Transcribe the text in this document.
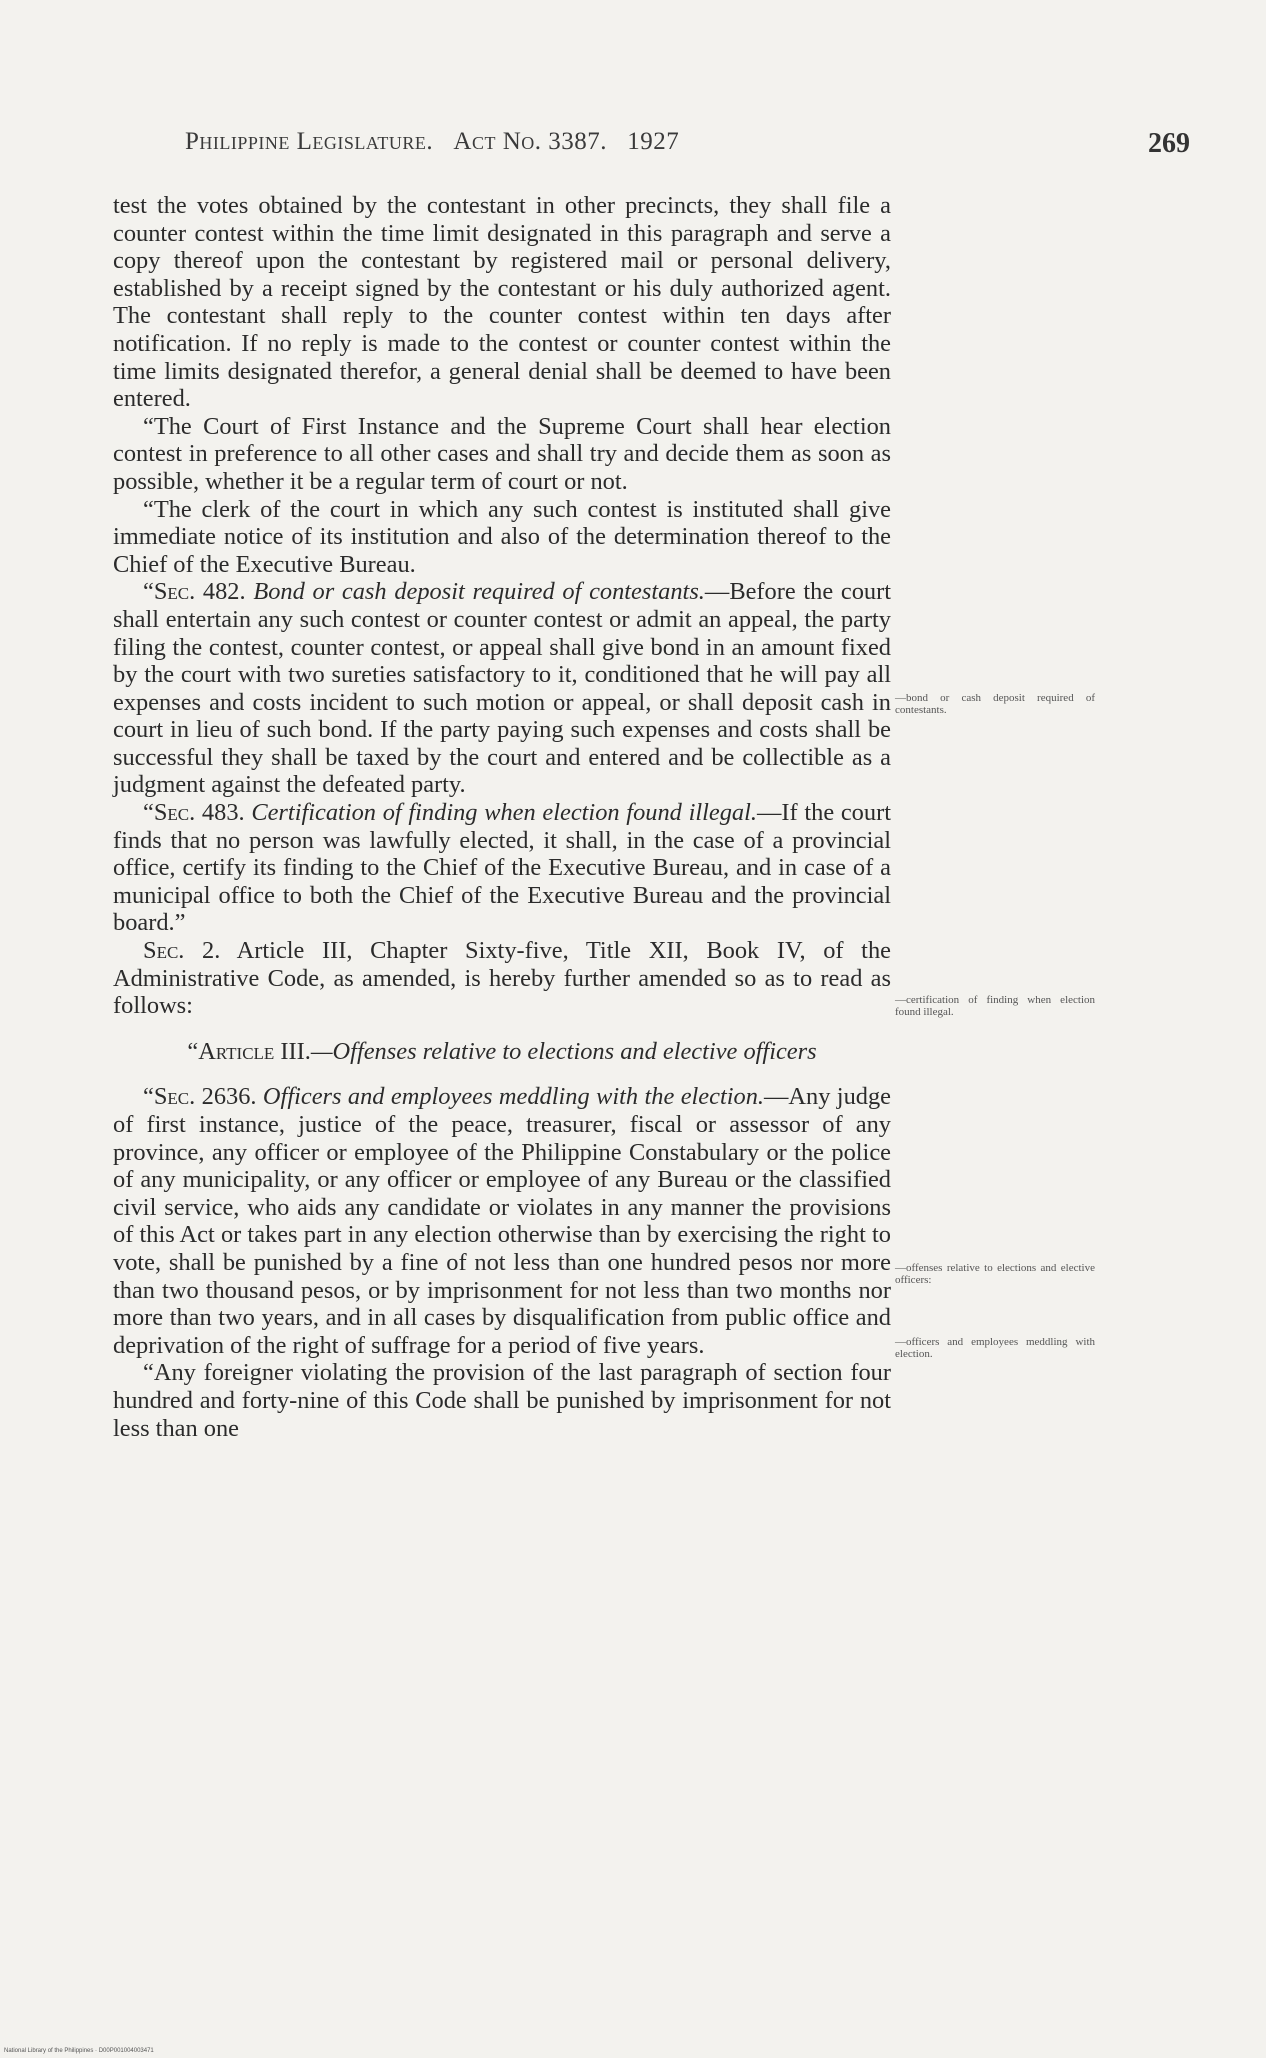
Philippine Legislature. Act No. 3387. 1927	269

test the votes obtained by the contestant in other precincts, they shall file a counter contest within the time limit designated in this paragraph and serve a copy thereof upon the contestant by registered mail or personal delivery, established by a receipt signed by the contestant or his duly authorized agent. The contestant shall reply to the counter contest within ten days after notification. If no reply is made to the contest or counter contest within the time limits designated therefor, a general denial shall be deemed to have been entered.

“The Court of First Instance and the Supreme Court shall hear election contest in preference to all other cases and shall try and decide them as soon as possible, whether it be a regular term of court or not.

“The clerk of the court in which any such contest is instituted shall give immediate notice of its institution and also of the determination thereof to the Chief of the Executive Bureau.

“Sec. 482. Bond or cash deposit required of contestants.—Before the court shall entertain any such contest or counter contest or admit an appeal, the party filing the contest, counter contest, or appeal shall give bond in an amount fixed by the court with two sureties satisfactory to it, conditioned that he will pay all expenses and costs incident to such motion or appeal, or shall deposit cash in court in lieu of such bond. If the party paying such expenses and costs shall be successful they shall be taxed by the court and entered and be collectible as a judgment against the defeated party.

“Sec. 483. Certification of finding when election found illegal.—If the court finds that no person was lawfully elected, it shall, in the case of a provincial office, certify its finding to the Chief of the Executive Bureau, and in case of a municipal office to both the Chief of the Executive Bureau and the provincial board.”

Sec. 2. Article III, Chapter Sixty-five, Title XII, Book IV, of the Administrative Code, as amended, is hereby further amended so as to read as follows:

“Article III.—Offenses relative to elections and elective officers

“Sec. 2636. Officers and employees meddling with the election.—Any judge of first instance, justice of the peace, treasurer, fiscal or assessor of any province, any officer or employee of the Philippine Constabulary or the police of any municipality, or any officer or employee of any Bureau or the classified civil service, who aids any candidate or violates in any manner the provisions of this Act or takes part in any election otherwise than by exercising the right to vote, shall be punished by a fine of not less than one hundred pesos nor more than two thousand pesos, or by imprisonment for not less than two months nor more than two years, and in all cases by disqualification from public office and deprivation of the right of suffrage for a period of five years.

“Any foreigner violating the provision of the last paragraph of section four hundred and forty-nine of this Code shall be punished by imprisonment for not less than one

—bond or cash deposit required of contestants.
—certification of finding when election found illegal.
—offenses relative to elections and elective officers:
—officers and employees meddling with election.
National Library of the Philippines · D00P001004003471
